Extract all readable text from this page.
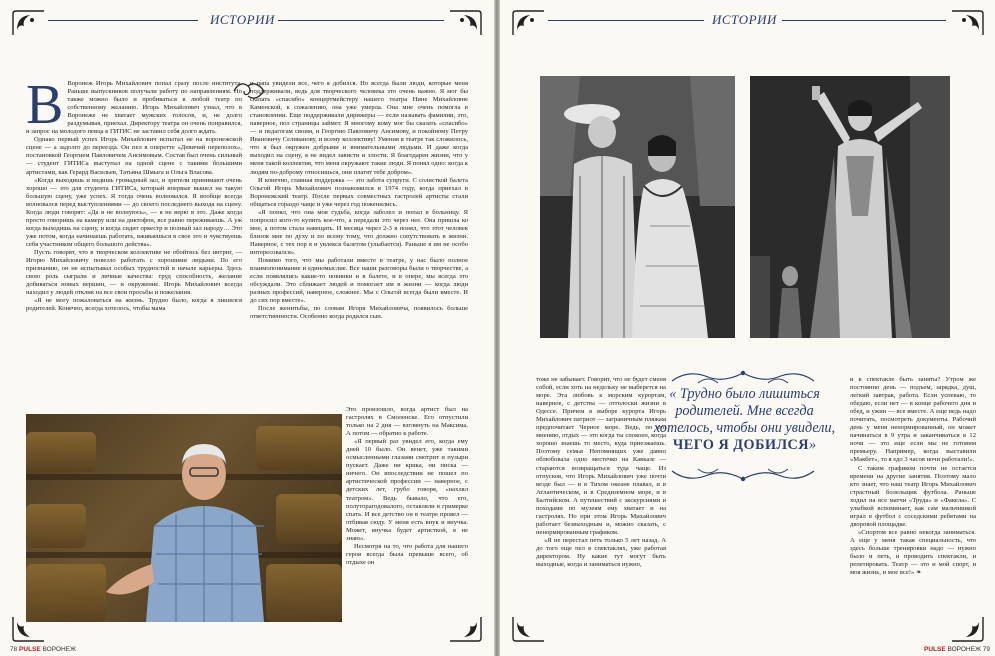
ИСТОРИИ
В Воронеж Игорь Михайлович попал сразу после института. Раньше выпускников получали работу по направлениям. Но также можно было и пробиваться в любой театр по собственному желанию. Игорь Михайлович узнал, что в Воронеже не хватает мужских голосов, и, не долго раздумывая, приехал. Директору театра он очень понравился, и запрос на молодого певца в ГИТИС не заставил себя долго ждать.

Однако первый успех Игорь Михайлович испытал не на воронежской сцене — а задолго до переезда. Он пел в оперетте «Девичий переполох», постановкой Георгием Павловичем Ансимовым. Состав был очень сильный — студент ГИТИСа выступал на одной сцене с такими большими артистами, как Герард Васильев, Татьяна Шмыга и Ольга Власова.

«Когда выходишь и видишь громадный зал, и зрители принимают очень хорошо — это для студента ГИТИСа, который впервые вышел на такую большую сцену, уже успех. Я тогда очень волновался. Я вообще всегда волновался перед выступлениями — до своего последнего выхода на сцену. Когда люди говорят: «Да я не волнуюсь», — я не верю в это. Даже когда просто говоришь на камеру или на диктофон, все равно переживаешь. А уж когда выходишь на сцену, и когда сидит оркестр и полный зал народу… Это уже потом, когда начинаешь работать, вживаешься в свое это и чувствуешь себя участником общего большого действа».

Пусть говорят, что в творческом коллективе не обойтись без интриг, — Игорю Михайловичу повезло работать с хорошими людьми. По его признанию, он не испытывал особых трудностей в начале карьеры. Здесь свою роль сыграли и личные качества: труд способность, желание добиваться новых вершин, — и окружение. Игорь Михайлович всегда находил у людей отклик на все свои просьбы и пожелания.

«Я не могу пожаловаться на жизнь. Трудно было, когда я лишился родителей. Конечно, всегда хотелось, чтобы мама

и папа увидели все, чего я добился. Но всегда были люди, которые меня поддерживали, ведь для творческого человека это очень важно. Я мог бы сказать «спасибо» концертмейстеру нашего театра Нине Михайловне Каменской, к сожалению, она уже умерла. Она мне очень помогла в становлении. Еще поддерживали дирижеры — если называть фамилии, это, наверное, пол страницы займет. Я многому кому мог бы сказать «спасибо» — и педагогам своим, и Георгию Павловичу Ансимову, и покойному Петру Ивановичу Селиванову, и всему коллективу! Умения в театре так сложилось, что я был окружен добрыми и внимательными людьми. И даже когда выходил на сцену, я не видел зависти и злости. Я благодарен жизни, что у меня такой коллектив, что меня окружают такие люди. Я понял одно: когда к людям по-доброму относишься, они платят тебе добром».

И конечно, главная поддержка — это забота супруги. С солисткой балета Ольгой Игорь Михайлович познакомился в 1974 году, когда приехал в Воронежский театр. После первых совместных гастролей артисты стали общаться гораздо чаще и уже через год поженились.

«Я понял, что она моя судьба, когда заболел и попал в больницу. Я попросил кого-то купить кое-что, а передали это через нее. Она пришла ко мне, а потом стала навещать. И месяца через 2-3 я понял, что этот человек близок мне по духу и по всему тому, что должно сопутствовать в жизни. Наверное, с тех пор я и увлекся балетом (улыбается). Раньше я им не особо интересовался».

Помимо того, что мы работали вместе в театре, у нас было полное взаимопонимание и единомыслие. Все наши разговоры были о творчестве, а если появлялись какие-то новинки и в балете, и в опере, мы всегда это обсуждали. Это сближает людей и помогает им в жизни — когда люди разных профессий, наверное, сложнее. Мы с Ольгой всегда были вместе. И до сих пор вместе».

После женитьбы, по словам Игоря Михайловича, появилось больше ответственности. Особенно когда родился сын.

Это произошло, когда артист был на гастролях в Смоленске. Его отпустили только на 2 дня — взглянуть на Максима. А потом — обратно к работе.

«Я первый раз увидел его, когда ему дней 10 было. Он венет, уже такими осмысленными глазами смотрит и пузыри пускает. Даже ни крика, ни писка — ничего. Он впоследствии не пошел по артистической профессии — наверное, с детских лет, грубо говоря, «нахлял театром». Ведь бывало, что его, полуторагодовалого, оставляли в гримерке спать. И все детство он в театре провел — отбивая сюду. У меня есть внук и внучка. Может, внучка будет артисткой, я не знаю».

Несмотря на то, что работа для нашего героя всегда была превыше всего, об отдыхе он

78 PULSE ВОРОНЕЖ
ИСТОРИИ
« Трудно было лишиться родителей. Мне всегда хотелось, чтобы они увидели, ЧЕГО Я ДОБИЛСЯ»

тоже не забывает. Говорит, что не будет сменя собой, если хоть на недельку не выберется на море. Эта любовь к морским курортам, наверное, с детства — отголоски жизни в Одессе. Причем в выборе курорта Игорь Михайлович патриот — заграничным пляжам предпочитает Черное море. Ведь, по его мнению, отдых — это когда ты спокоен, когда хорошо знаешь то место, куда приезжаешь. Поэтому семья Непомнящих уже давно облюбовала одно местечко на Кавказе — стараются возвращаться туда чаще. Из отпусков, что Игорь Михайлович уже почти везде был — и в Тихом океане плавал, и в Атлантическом, и в Средиземном море, и в Балтийском. А путешествий с экскурсиями и походами по музеям ему хватает и на гастролях. Но при этом Игорь Михайлович работает безвыходным и, можно сказать, с ненормированным графиком.

«Я не перестал петь только 5 лет назад. А до того еще пел в спектаклях, уже работая директором. Ну какие тут могут быть выходные, когда и заниматься нужно,

и в спектакле быть заняты? Утром же постоянно день — подъем, зарядка, душ, легкий завтрак, работа. Если успеваю, то обедаю, если нет — в конце рабочего дня и обед, и ужин — все вместе. А еще ведь надо почитать, посмотреть документы. Рабочий день у меня ненормированный, он может начинаться в 9 утра и заканчиваться в 12 ночи — это еще если мы не готовим премьеру. Например, когда выставили «Макбет», то я едо 3 часов ночи работали!».

С таким графиком почти не остается времени на другие занятия. Поэтому мало кто знает, что наш театр Игорь Михайлович страстный болельщик футбола. Раньше ходил на все матчи «Труда» и «Факела». С улыбкой вспоминает, как сам мальчишкой играл в футбол с соседскими ребятами на дворовой площадке.

«Спортом все равно некогда заниматься. А еще у меня такая специальность, что здесь больше тренировки надо — нужно было и петь, и проводить спектакли, и репетировать. Театр — это и мой спорт, и моя жизнь, и мое все!» ❧

PULSE ВОРОНЕЖ 79
